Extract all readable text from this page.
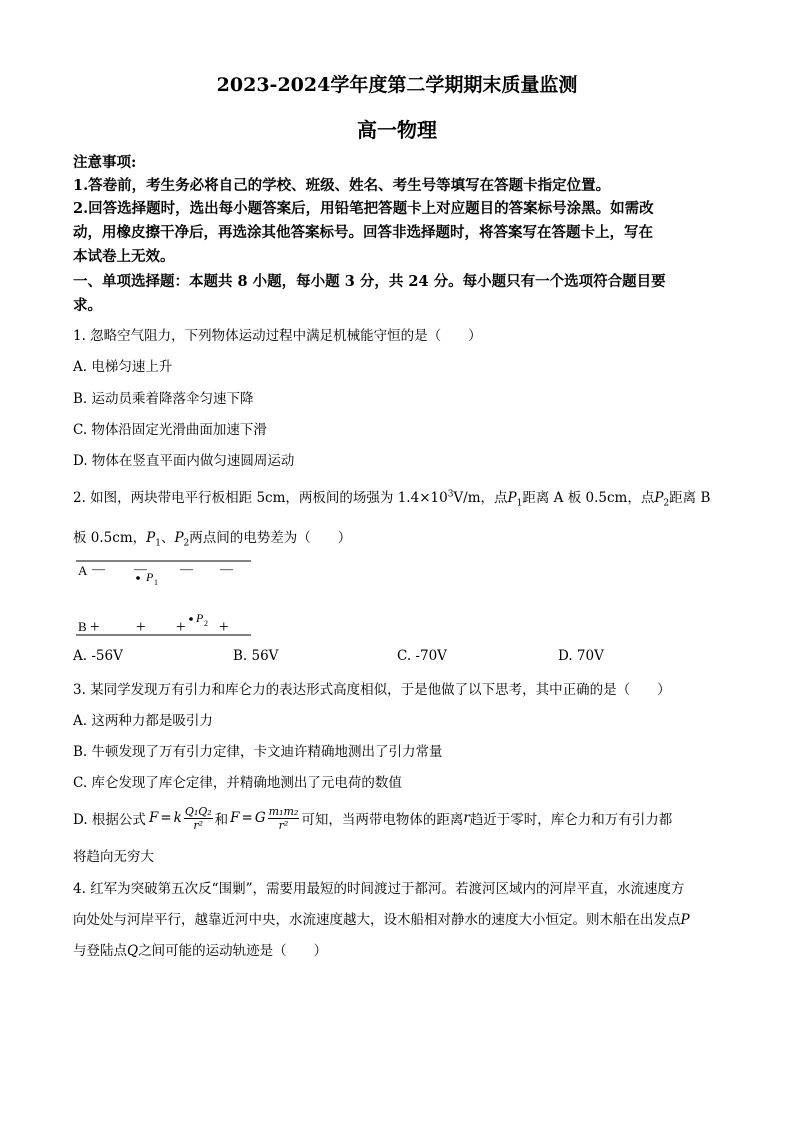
2023-2024学年度第二学期期末质量监测
高一物理
注意事项:
1.答卷前，考生务必将自己的学校、班级、姓名、考生号等填写在答题卡指定位置。
2.回答选择题时，选出每小题答案后，用铅笔把答题卡上对应题目的答案标号涂黑。如需改
动，用橡皮擦干净后，再选涂其他答案标号。回答非选择题时，将答案写在答题卡上，写在
本试卷上无效。
一、单项选择题：本题共 8 小题，每小题 3 分，共 24 分。每小题只有一个选项符合题目要
求。
1. 忽略空气阻力，下列物体运动过程中满足机械能守恒的是（　　）
A. 电梯匀速上升
B. 运动员乘着降落伞匀速下降
C. 物体沿固定光滑曲面加速下滑
D. 物体在竖直平面内做匀速圆周运动
2. 如图，两块带电平行板相距 5cm，两板间的场强为 $1.4\times 10^3V/m$，点$P_1$距离 A 板 0.5cm，点$P_2$距离 B
板 0.5cm，$P_1$、$P_2$两点间的电势差为（　　）
A — —	— —
P 1
P 2
B + + + +
A. -56V	B. 56V	C. -70V	D. 70V
3. 某同学发现万有引力和库仑力的表达形式高度相似，于是他做了以下思考，其中正确的是（　　）
A. 这两种力都是吸引力
B. 牛顿发现了万有引力定律，卡文迪许精确地测出了引力常量
C. 库仑发现了库仑定律，并精确地测出了元电荷的数值
D. 根据公式 F = k $\frac{\text{Q₁Q₂}}{\text{r²}}$ 和 F = G $\frac{\text{m₁m₂}}{\text{r²}}$ 可知，当两带电物体的距离 r 趋近于零时，库仑力和万有引力都
将趋向无穷大
4. 红军为突破第五次反“围剿”，需要用最短的时间渡过于都河。若渡河区域内的河岸平直，水流速度方
向处处与河岸平行，越靠近河中央，水流速度越大，设木船相对静水的速度大小恒定。则木船在出发点P
与登陆点Q之间可能的运动轨迹是（　　）
